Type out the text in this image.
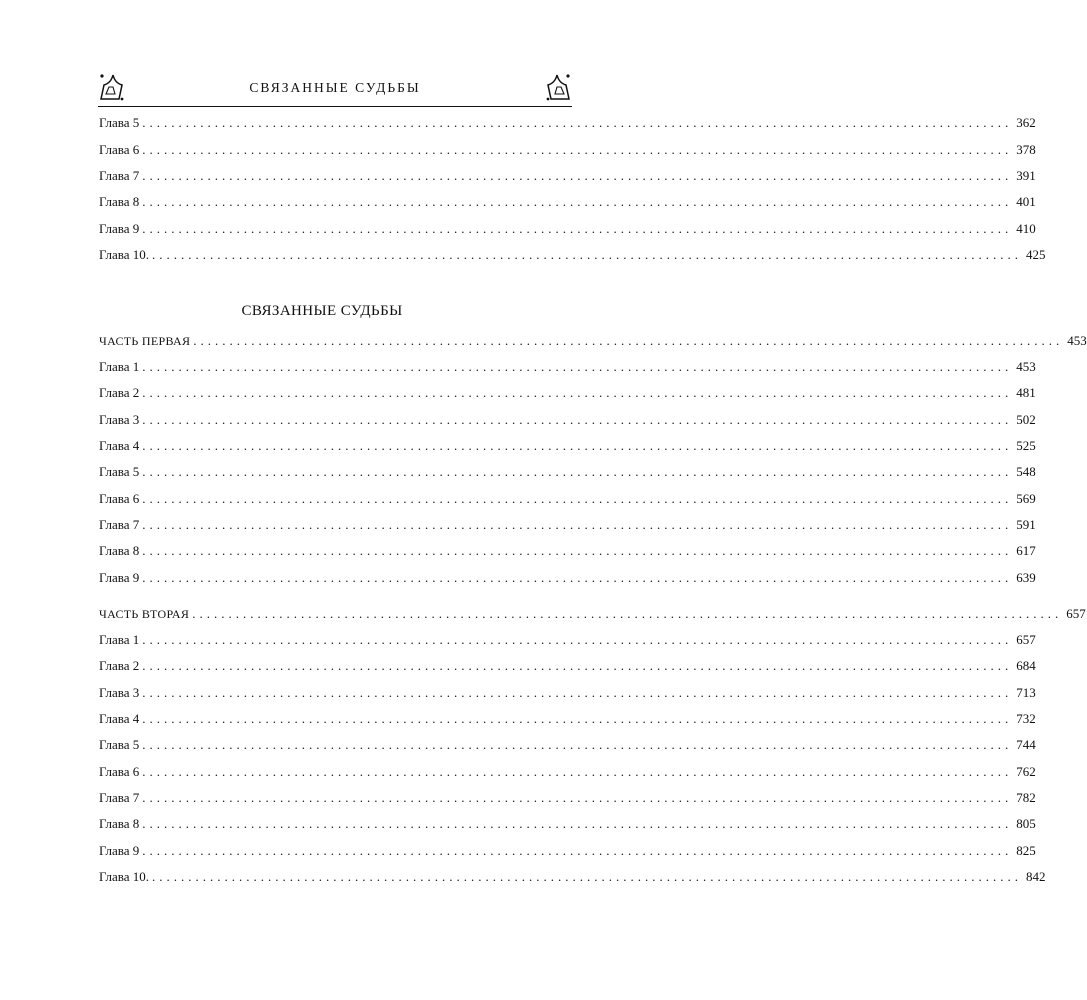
СВЯЗАННЫЕ СУДЬБЫ
Глава 5 ........................................................................................................................ 362
Глава 6 ........................................................................................................................ 378
Глава 7 ........................................................................................................................ 391
Глава 8 ........................................................................................................................ 401
Глава 9 ........................................................................................................................ 410
Глава 10. ........................................................................................................................ 425
СВЯЗАННЫЕ СУДЬБЫ
ЧАСТЬ ПЕРВАЯ ........................................................................................................................ 453
Глава 1 ........................................................................................................................ 453
Глава 2 ........................................................................................................................ 481
Глава 3 ........................................................................................................................ 502
Глава 4 ........................................................................................................................ 525
Глава 5 ........................................................................................................................ 548
Глава 6 ........................................................................................................................ 569
Глава 7 ........................................................................................................................ 591
Глава 8 ........................................................................................................................ 617
Глава 9 ........................................................................................................................ 639
ЧАСТЬ ВТОРАЯ ........................................................................................................................ 657
Глава 1 ........................................................................................................................ 657
Глава 2 ........................................................................................................................ 684
Глава 3 ........................................................................................................................ 713
Глава 4 ........................................................................................................................ 732
Глава 5 ........................................................................................................................ 744
Глава 6 ........................................................................................................................ 762
Глава 7 ........................................................................................................................ 782
Глава 8 ........................................................................................................................ 805
Глава 9 ........................................................................................................................ 825
Глава 10. ........................................................................................................................ 842
